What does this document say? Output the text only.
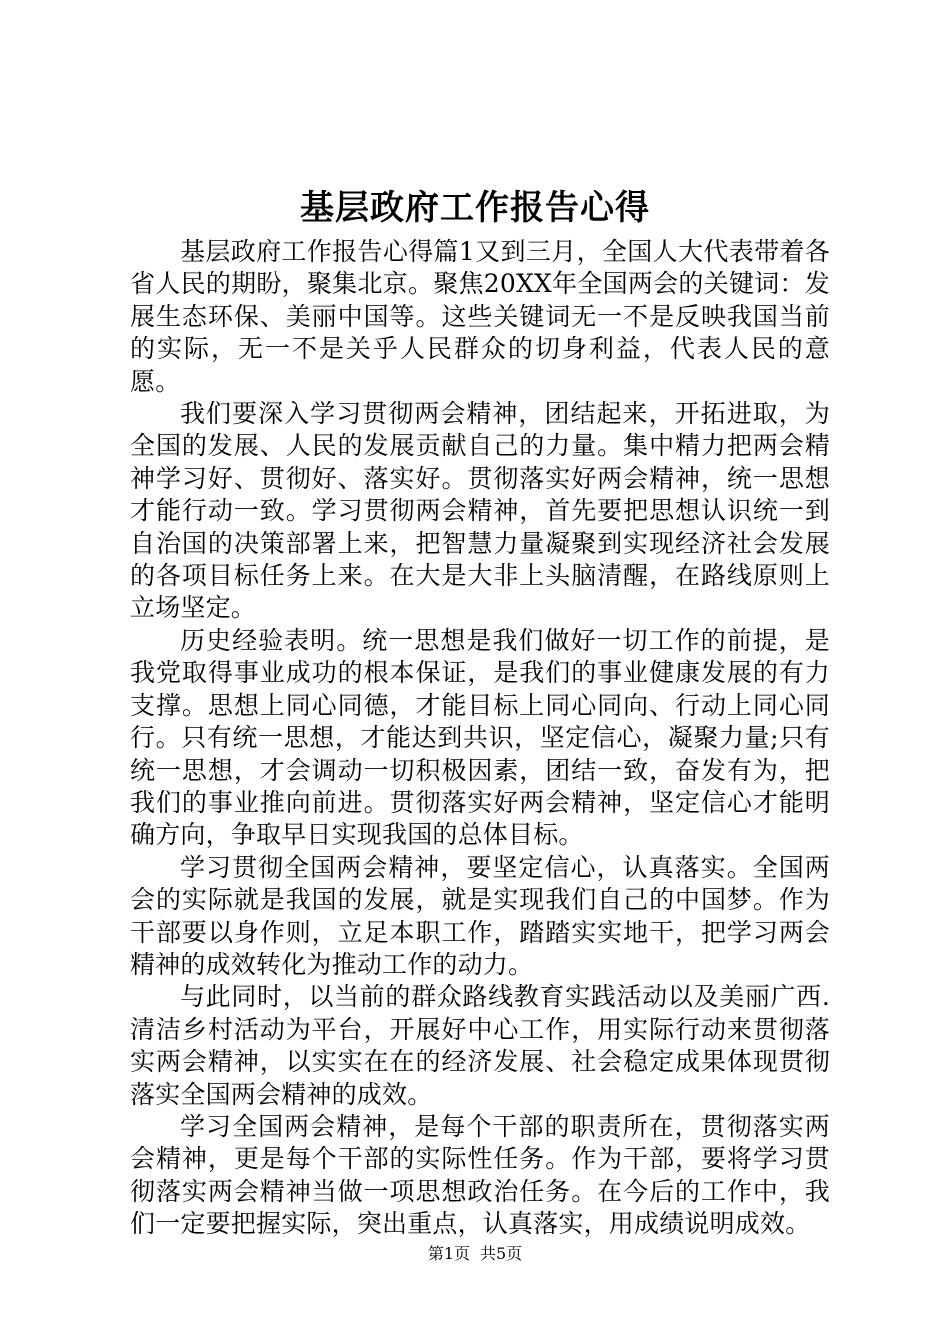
基层政府工作报告心得

基层政府工作报告心得篇1又到三月，全国人大代表带着各省人民的期盼，聚集北京。聚焦20XX年全国两会的关键词：发展生态环保、美丽中国等。这些关键词无一不是反映我国当前的实际，无一不是关乎人民群众的切身利益，代表人民的意愿。

我们要深入学习贯彻两会精神，团结起来，开拓进取，为全国的发展、人民的发展贡献自己的力量。集中精力把两会精神学习好、贯彻好、落实好。贯彻落实好两会精神，统一思想才能行动一致。学习贯彻两会精神，首先要把思想认识统一到自治国的决策部署上来，把智慧力量凝聚到实现经济社会发展的各项目标任务上来。在大是大非上头脑清醒，在路线原则上立场坚定。

历史经验表明。统一思想是我们做好一切工作的前提，是我党取得事业成功的根本保证，是我们的事业健康发展的有力支撑。思想上同心同德，才能目标上同心同向、行动上同心同行。只有统一思想，才能达到共识，坚定信心，凝聚力量;只有统一思想，才会调动一切积极因素，团结一致，奋发有为，把我们的事业推向前进。贯彻落实好两会精神，坚定信心才能明确方向，争取早日实现我国的总体目标。

学习贯彻全国两会精神，要坚定信心，认真落实。全国两会的实际就是我国的发展，就是实现我们自己的中国梦。作为干部要以身作则，立足本职工作，踏踏实实地干，把学习两会精神的成效转化为推动工作的动力。

与此同时，以当前的群众路线教育实践活动以及美丽广西.清洁乡村活动为平台，开展好中心工作，用实际行动来贯彻落实两会精神，以实实在在的经济发展、社会稳定成果体现贯彻落实全国两会精神的成效。

学习全国两会精神，是每个干部的职责所在，贯彻落实两会精神，更是每个干部的实际性任务。作为干部，要将学习贯彻落实两会精神当做一项思想政治任务。在今后的工作中，我们一定要把握实际，突出重点，认真落实，用成绩说明成效。

第1页 共5页
